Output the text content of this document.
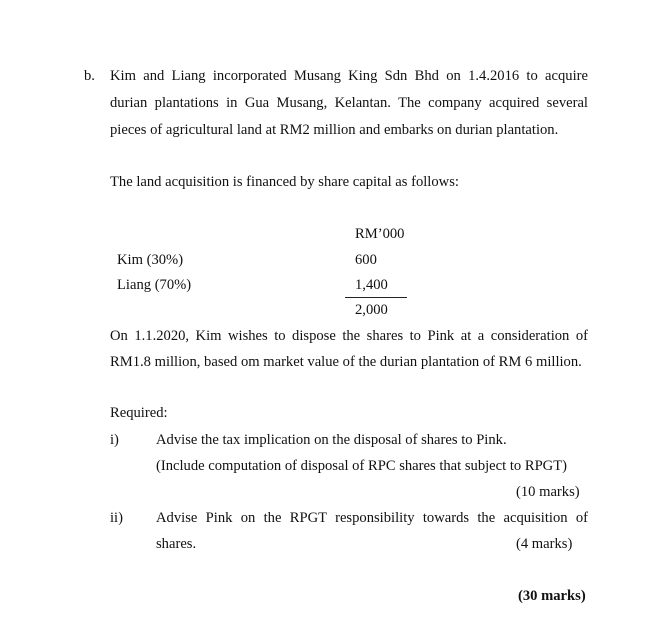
b. Kim and Liang incorporated Musang King Sdn Bhd on 1.4.2016 to acquire
durian plantations in Gua Musang, Kelantan. The company acquired several
pieces of agricultural land at RM2 million and embarks on durian plantation.
The land acquisition is financed by share capital as follows:
RM’000
Kim (30%)	600
Liang (70%)	1,400
2,000
On 1.1.2020, Kim wishes to dispose the shares to Pink at a consideration of
RM1.8 million, based om market value of the durian plantation of RM 6 million.
Required:
i)	Advise the tax implication on the disposal of shares to Pink.
(Include computation of disposal of RPC shares that subject to RPGT)
(10 marks)
ii) Advise Pink on the RPGT responsibility towards the acquisition of
shares.	(4 marks)
(30 marks)
